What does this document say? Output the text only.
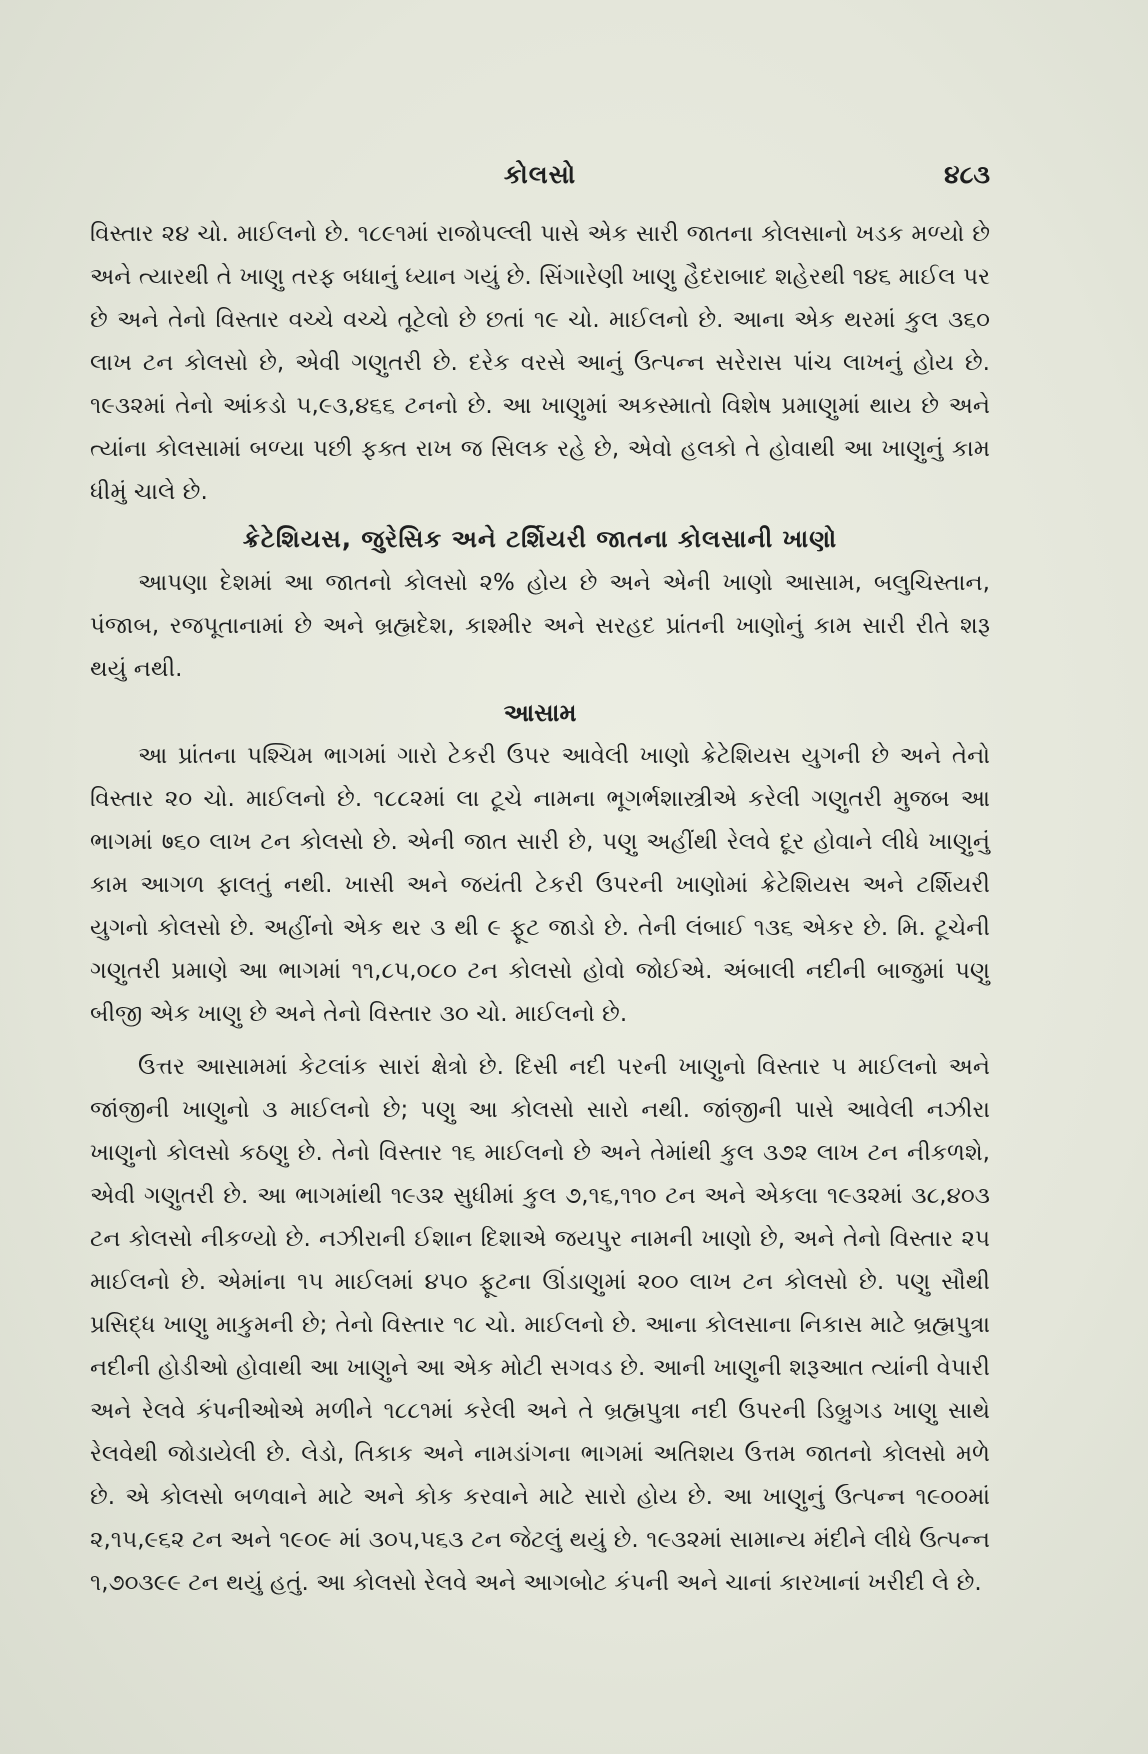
કોલસો	૪૮૩

વિસ્તાર ૨૪ ચો. માઈલનો છે. ૧૮૯૧માં રાજોપલ્લી પાસે એક સારી જાતના કોલસાનો ખડક મળ્યો છે અને ત્યારથી તે ખાણુ તરફ બધાનું ધ્યાન ગયું છે. સિંગારેણી ખાણુ હૈદરાબાદ શહેરથી ૧૪૬ માઈલ પર છે અને તેનો વિસ્તાર વચ્ચે વચ્ચે તૂટેલો છે છતાં ૧૯ ચો. માઈલનો છે. આના એક થરમાં કુલ ૩૬૦ લાખ ટન કોલસો છે, એવી ગણુતરી છે. દરેક વરસે આનું ઉત્પન્ન સરેરાસ પાંચ લાખનું હોય છે. ૧૯૩૨માં તેનો આંકડો ૫,૯૩,૪૬૬ ટનનો છે. આ ખાણુમાં અકસ્માતો વિશેષ પ્રમાણુમાં થાય છે અને ત્યાંના કોલસામાં બળ્યા પછી ફક્ત રાખ જ સિલક રહે છે, એવો હલકો તે હોવાથી આ ખાણુનું કામ ધીમું ચાલે છે.

ક્રેટેશિયસ, જુરેસિક અને ટર્શિયરી જાતના કોલસાની ખાણો

આપણા દેશમાં આ જાતનો કોલસો ૨% હોય છે અને એની ખાણો આસામ, બલુચિસ્તાન, પંજાબ, રજપૂતાનામાં છે અને બ્રહ્મદેશ, કાશ્મીર અને સરહદ પ્રાંતની ખાણોનું કામ સારી રીતે શરૂ થયું નથી.

આસામ

આ પ્રાંતના પશ્ચિમ ભાગમાં ગારો ટેકરી ઉપર આવેલી ખાણો ક્રેટેશિયસ યુગની છે અને તેનો વિસ્તાર ૨૦ ચો. માઈલનો છે. ૧૮૮૨માં લા ટૂચે નામના ભૂગર્ભશાસ્ત્રીએ કરેલી ગણુતરી મુજબ આ ભાગમાં ७૬૦ લાખ ટન કોલસો છે. એની જાત સારી છે, પણુ અહીંથી રેલવે દૂર હોવાને લીધે ખાણુનું કામ આગળ ફાલતું નથી. ખાસી અને જયંતી ટેકરી ઉપરની ખાણોમાં ક્રેટેશિયસ અને ટર્શિયરી યુગનો કોલસો છે. અહીંનો એક થર ૩ થી ૯ ફૂટ જાડો છે. તેની લંબાઈ ૧૩૬ એકર છે. મિ. ટૂચેની ગણુતરી પ્રમાણે આ ભાગમાં ૧૧,૮૫,૦૮૦ ટન કોલસો હોવો જોઈએ. અંબાલી નદીની બાજુમાં પણુ બીજી એક ખાણુ છે અને તેનો વિસ્તાર ૩૦ ચો. માઈલનો છે.

ઉત્તર આસામમાં કેટલાંક સારાં ક્ષેત્રો છે. દિસી નદી પરની ખાણુનો વિસ્તાર ૫ માઈલનો અને જાંજીની ખાણુનો ૩ માઈલનો છે; પણુ આ કોલસો સારો નથી. જાંજીની પાસે આવેલી નઝીરા ખાણુનો કોલસો કઠણુ છે. તેનો વિસ્તાર ૧૬ માઈલનો છે અને તેમાંથી કુલ ૩૭૨ લાખ ટન નીકળશે, એવી ગણુતરી છે. આ ભાગમાંથી ૧૯૩૨ સુધીમાં કુલ ૭,૧૬,૧૧૦ ટન અને એકલા ૧૯૩૨માં ૩૮,૪૦૩ ટન કોલસો નીકળ્યો છે. નઝીરાની ઈશાન દિશાએ જયપુર નામની ખાણો છે, અને તેનો વિસ્તાર ૨૫ માઈલનો છે. એમાંના ૧૫ માઈલમાં ૪૫૦ ફૂટના ઊંડાણુમાં ૨૦૦ લાખ ટન કોલસો છે. પણુ સૌથી પ્રસિદ્ધ ખાણુ માકુમની છે; તેનો વિસ્તાર ૧૮ ચો. માઈલનો છે. આના કોલસાના નિકાસ માટે બ્રહ્મપુત્રા નદીની હોડીઓ હોવાથી આ ખાણુને આ એક મોટી સગવડ છે. આની ખાણુની શરૂઆત ત્યાંની વેપારી અને રેલવે કંપનીઓએ મળીને ૧૮૮૧માં કરેલી અને તે બ્રહ્મપુત્રા નદી ઉપરની ડિબ્રુગડ ખાણુ સાથે રેલવેથી જોડાયેલી છે. લેડો, તિકાક અને નામડાંગના ભાગમાં અતિશય ઉત્તમ જાતનો કોલસો મળે છે. એ કોલસો બળવાને માટે અને કોક કરવાને માટે સારો હોય છે. આ ખાણુનું ઉત્પન્ન ૧૯૦૦માં ૨,૧૫,૯૬૨ ટન અને ૧૯૦૯ માં ૩૦૫,૫૬૩ ટન જેટલું થયું છે. ૧૯૩૨માં સામાન્ય મંદીને લીધે ઉત્પન્ન ૧,૭૦૩૯૯ ટન થયું હતું. આ કોલસો રેલવે અને આગબોટ કંપની અને ચાનાં કારખાનાં ખરીદી લે છે.
